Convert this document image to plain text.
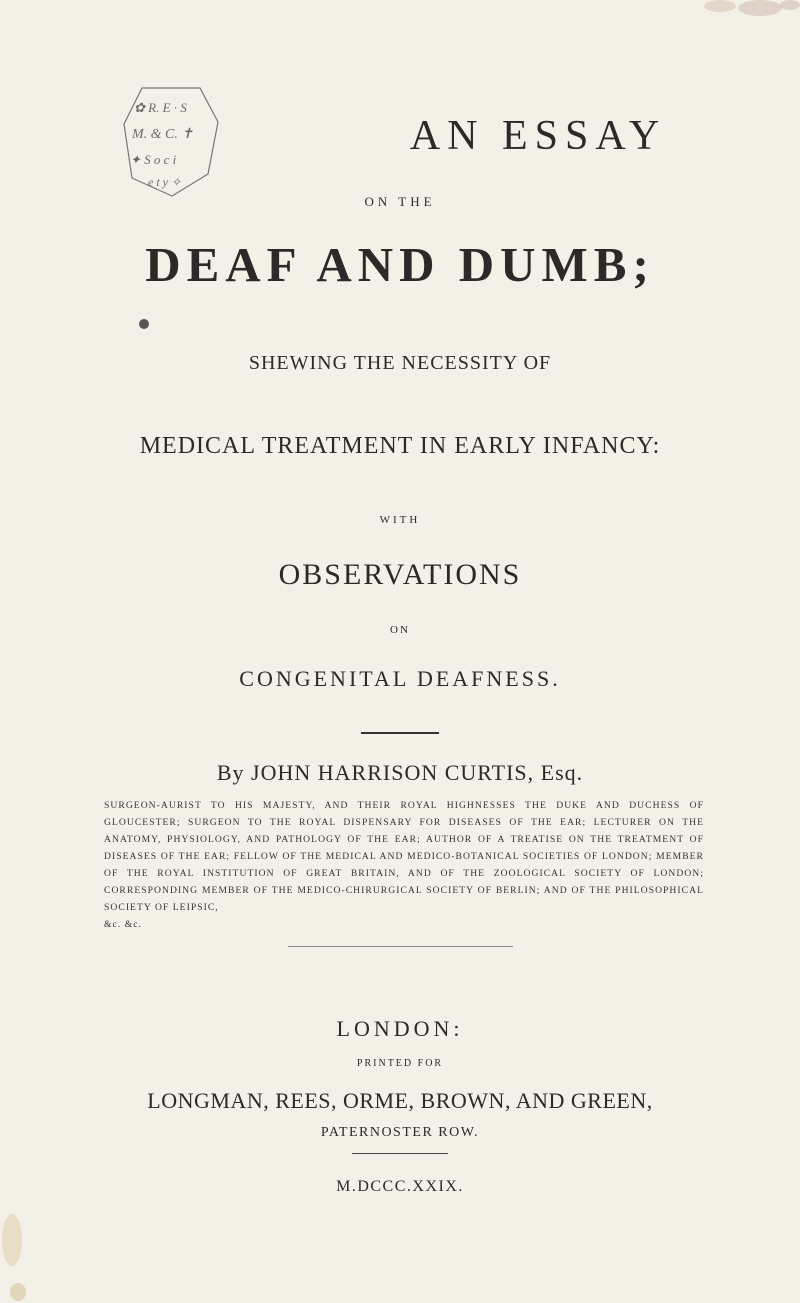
✿ R. E · S
M. & C. ✝
✦ S o c i
e t y ✧
AN ESSAY
ON THE
DEAF AND DUMB;
SHEWING THE NECESSITY OF
MEDICAL TREATMENT IN EARLY INFANCY:
WITH
OBSERVATIONS
ON
CONGENITAL DEAFNESS.
By JOHN HARRISON CURTIS, Esq.
SURGEON-AURIST TO HIS MAJESTY, AND THEIR ROYAL HIGHNESSES THE DUKE AND DUCHESS OF GLOUCESTER; SURGEON TO THE ROYAL DISPENSARY FOR DISEASES OF THE EAR; LECTURER ON THE ANATOMY, PHYSIOLOGY, AND PATHOLOGY OF THE EAR; AUTHOR OF A TREATISE ON THE TREATMENT OF DISEASES OF THE EAR; FELLOW OF THE MEDICAL AND MEDICO-BOTANICAL SOCIETIES OF LONDON; MEMBER OF THE ROYAL INSTITUTION OF GREAT BRITAIN, AND OF THE ZOOLOGICAL SOCIETY OF LONDON; CORRESPONDING MEMBER OF THE MEDICO-CHIRURGICAL SOCIETY OF BERLIN; AND OF THE PHILOSOPHICAL SOCIETY OF LEIPSIC,
&c. &c.
LONDON:
PRINTED FOR
LONGMAN, REES, ORME, BROWN, AND GREEN,
PATERNOSTER ROW.
M.DCCC.XXIX.
